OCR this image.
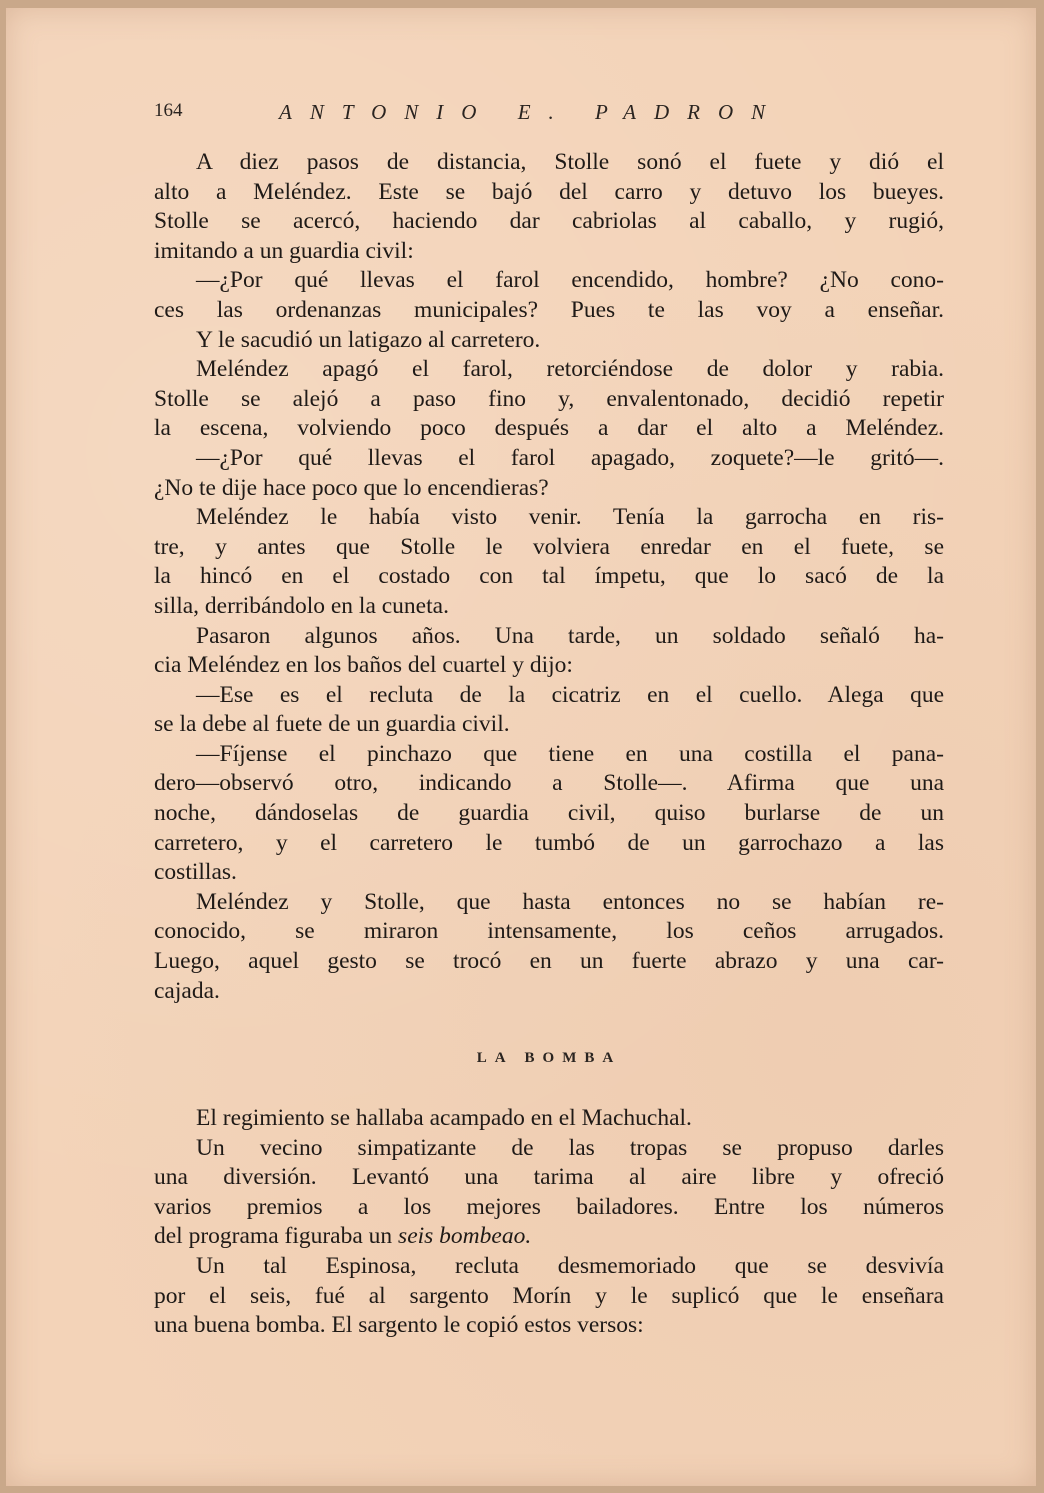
164	ANTONIO E. PADRON
A diez pasos de distancia, Stolle sonó el fuete y dió el
alto a Meléndez. Este se bajó del carro y detuvo los bueyes.
Stolle se acercó, haciendo dar cabriolas al caballo, y rugió,
imitando a un guardia civil:
—¿Por qué llevas el farol encendido, hombre? ¿No cono-
ces las ordenanzas municipales? Pues te las voy a enseñar.
Y le sacudió un latigazo al carretero.
Meléndez apagó el farol, retorciéndose de dolor y rabia.
Stolle se alejó a paso fino y, envalentonado, decidió repetir
la escena, volviendo poco después a dar el alto a Meléndez.
—¿Por qué llevas el farol apagado, zoquete?—le gritó—.
¿No te dije hace poco que lo encendieras?
Meléndez le había visto venir. Tenía la garrocha en ris-
tre, y antes que Stolle le volviera enredar en el fuete, se
la hincó en el costado con tal ímpetu, que lo sacó de la
silla, derribándolo en la cuneta.
Pasaron algunos años. Una tarde, un soldado señaló ha-
cia Meléndez en los baños del cuartel y dijo:
—Ese es el recluta de la cicatriz en el cuello. Alega que
se la debe al fuete de un guardia civil.
—Fíjense el pinchazo que tiene en una costilla el pana-
dero—observó otro, indicando a Stolle—. Afirma que una
noche, dándoselas de guardia civil, quiso burlarse de un
carretero, y el carretero le tumbó de un garrochazo a las
costillas.
Meléndez y Stolle, que hasta entonces no se habían re-
conocido, se miraron intensamente, los ceños arrugados.
Luego, aquel gesto se trocó en un fuerte abrazo y una car-
cajada.
LA BOMBA
El regimiento se hallaba acampado en el Machuchal.
Un vecino simpatizante de las tropas se propuso darles
una diversión. Levantó una tarima al aire libre y ofreció
varios premios a los mejores bailadores. Entre los números
del programa figuraba un seis bombeao.
Un tal Espinosa, recluta desmemoriado que se desvivía
por el seis, fué al sargento Morín y le suplicó que le enseñara
una buena bomba. El sargento le copió estos versos:
